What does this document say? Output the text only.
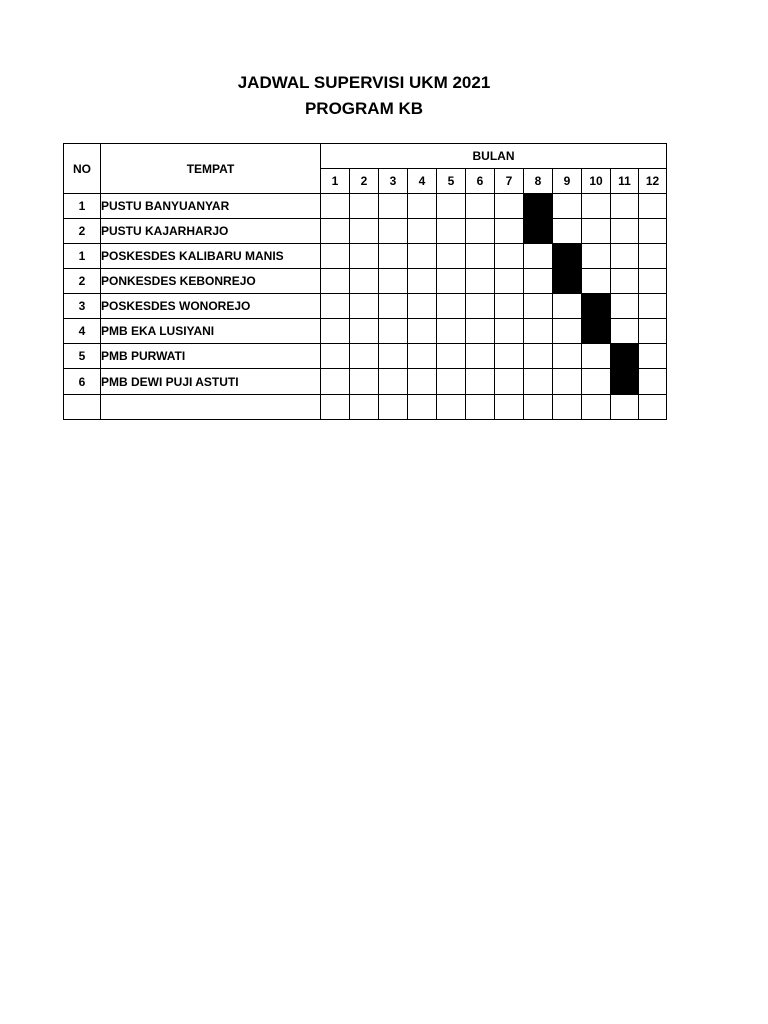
JADWAL SUPERVISI UKM 2021
PROGRAM KB
NO	TEMPAT	BULAN											
		1	2	3	4	5	6	7	8	9	10	11	12
1	PUSTU BANYUANYAR												
2	PUSTU KAJARHARJO												
1	POSKESDES KALIBARU MANIS												
2	PONKESDES KEBONREJO												
3	POSKESDES WONOREJO												
4	PMB EKA LUSIYANI												
5	PMB PURWATI												
6	PMB DEWI PUJI ASTUTI												
